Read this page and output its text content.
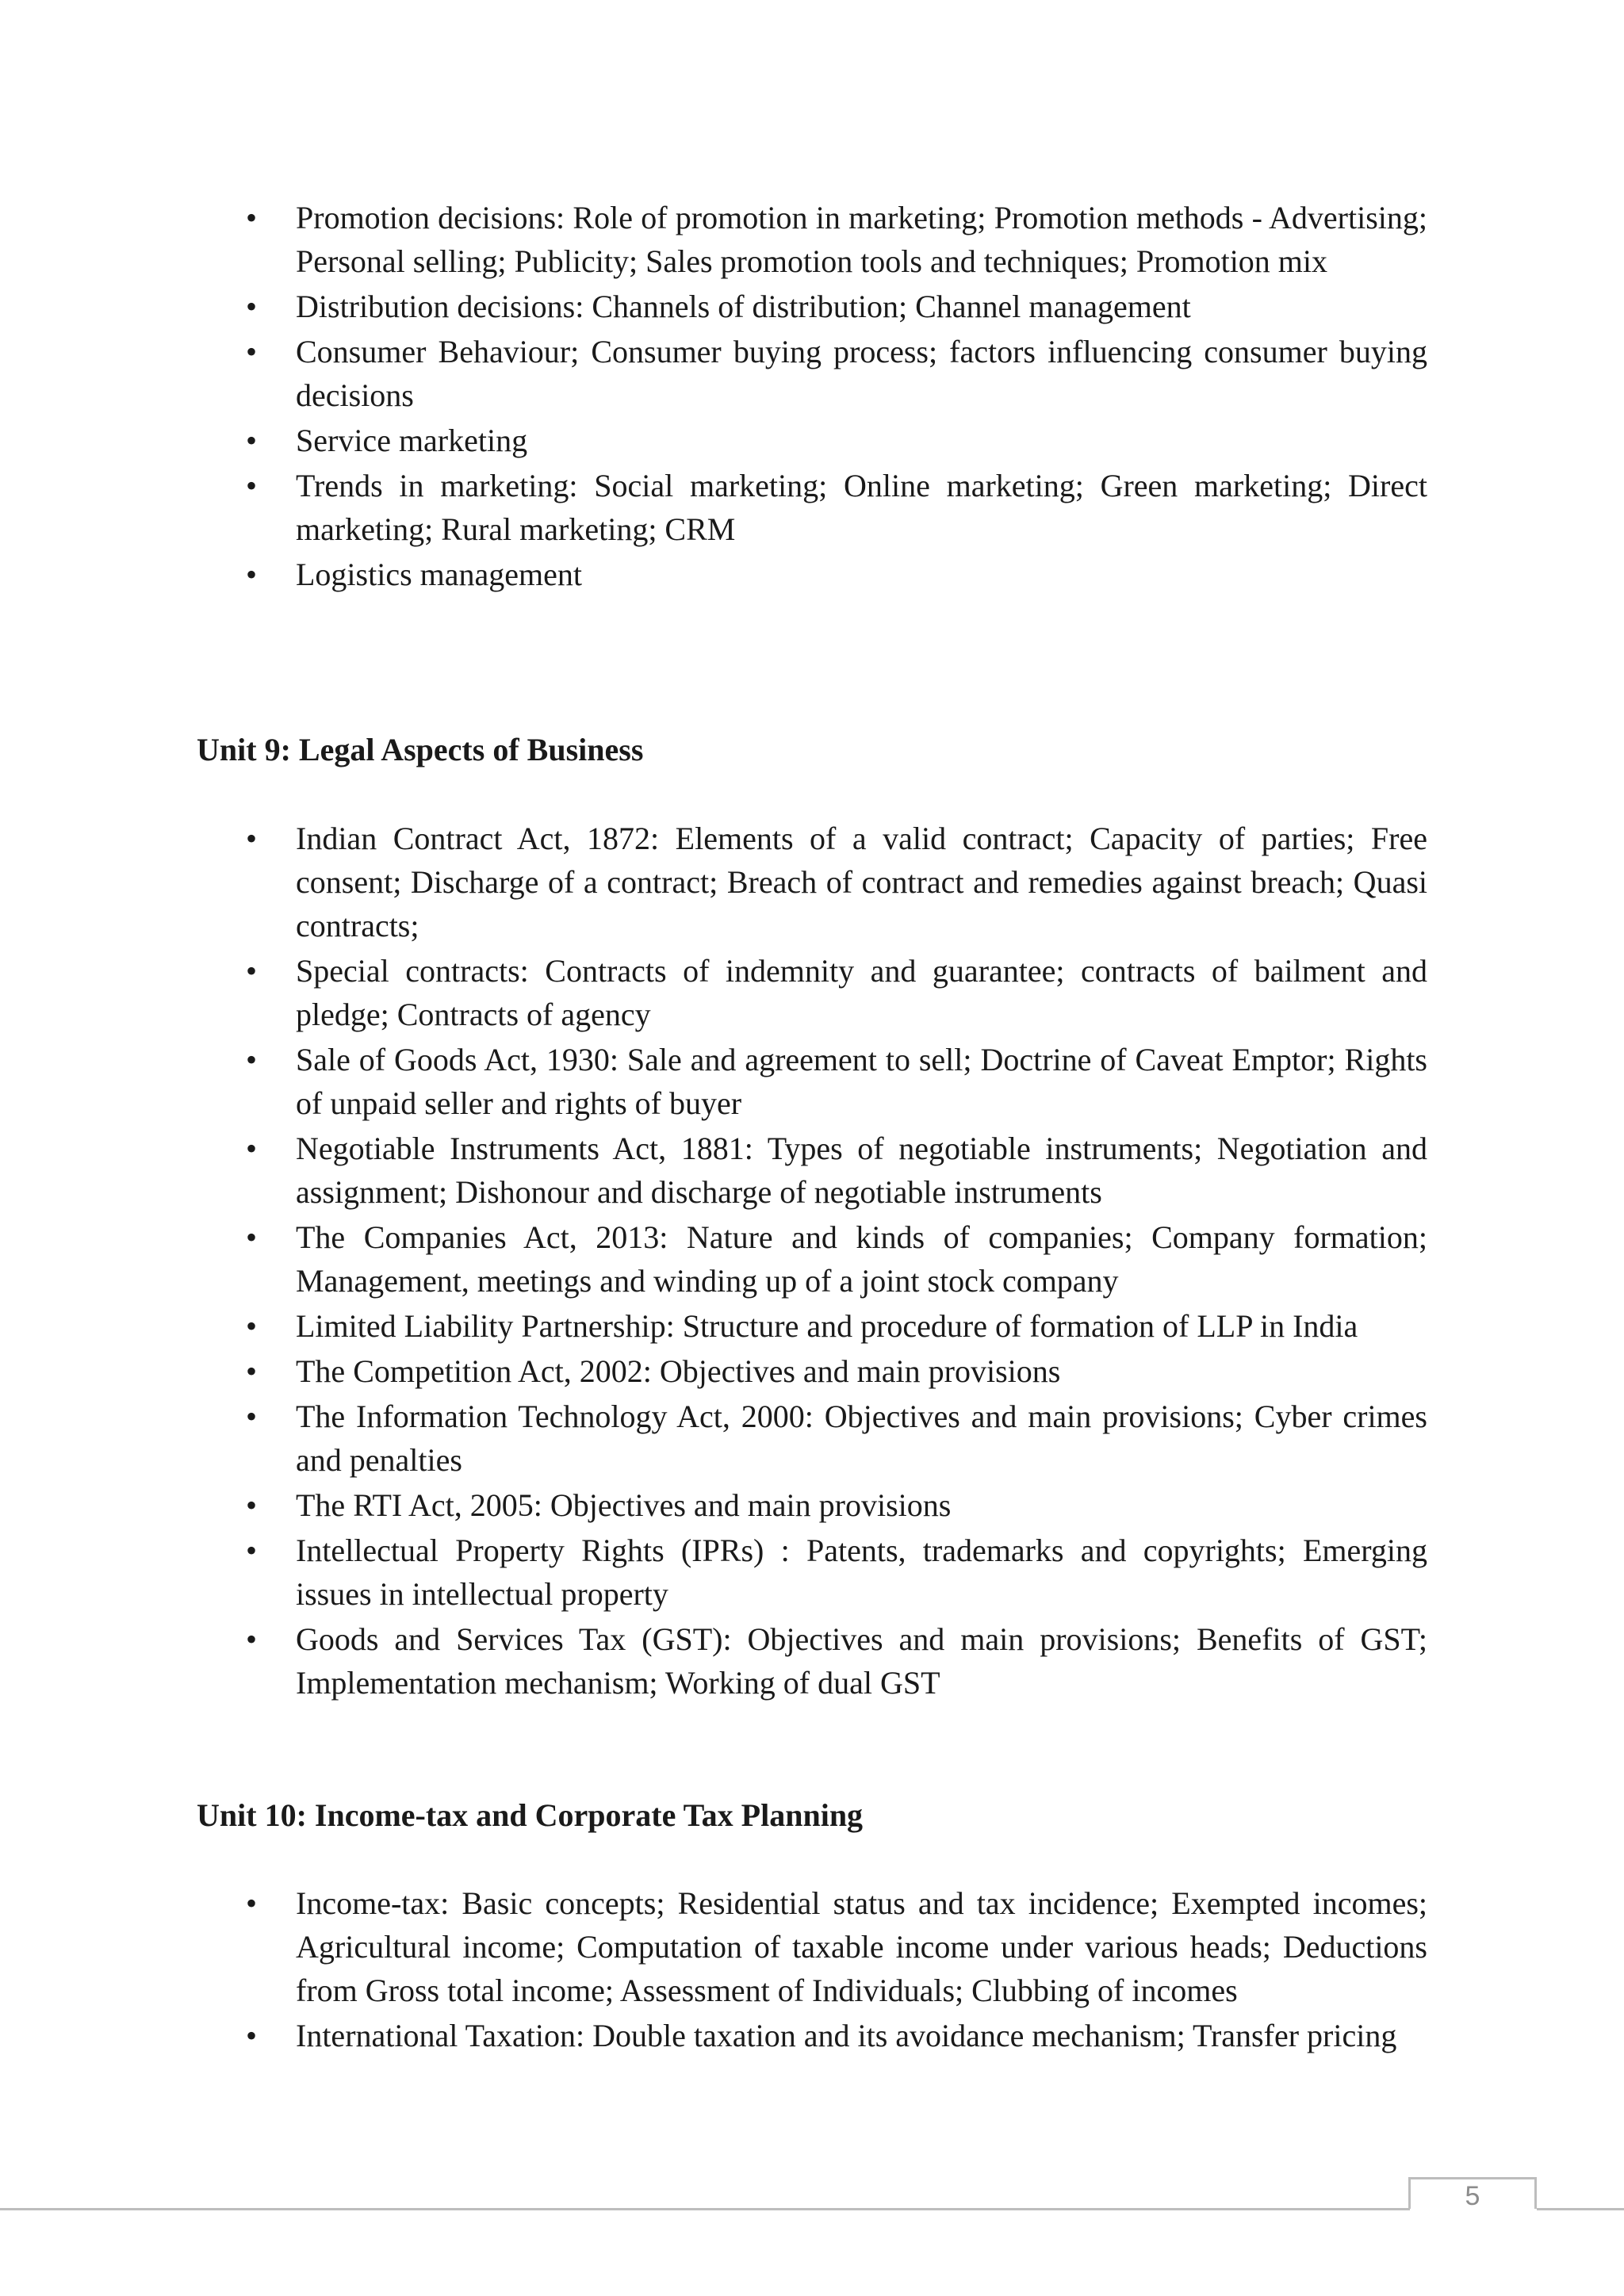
• Promotion decisions: Role of promotion in marketing; Promotion methods - Advertising; Personal selling; Publicity; Sales promotion tools and techniques; Promotion mix
• Distribution decisions: Channels of distribution; Channel management
• Consumer Behaviour; Consumer buying process; factors influencing consumer buying decisions
• Service marketing
• Trends in marketing: Social marketing; Online marketing; Green marketing; Direct marketing; Rural marketing; CRM
• Logistics management
Unit 9: Legal Aspects of Business
• Indian Contract Act, 1872: Elements of a valid contract; Capacity of parties; Free consent; Discharge of a contract; Breach of contract and remedies against breach; Quasi contracts;
• Special contracts: Contracts of indemnity and guarantee; contracts of bailment and pledge; Contracts of agency
• Sale of Goods Act, 1930: Sale and agreement to sell; Doctrine of Caveat Emptor; Rights of unpaid seller and rights of buyer
• Negotiable Instruments Act, 1881: Types of negotiable instruments; Negotiation and assignment; Dishonour and discharge of negotiable instruments
• The Companies Act, 2013: Nature and kinds of companies; Company formation; Management, meetings and winding up of a joint stock company
• Limited Liability Partnership: Structure and procedure of formation of LLP in India
• The Competition Act, 2002: Objectives and main provisions
• The Information Technology Act, 2000: Objectives and main provisions; Cyber crimes and penalties
• The RTI Act, 2005: Objectives and main provisions
• Intellectual Property Rights (IPRs) : Patents, trademarks and copyrights; Emerging issues in intellectual property
• Goods and Services Tax (GST): Objectives and main provisions; Benefits of GST; Implementation mechanism; Working of dual GST
Unit 10: Income-tax and Corporate Tax Planning
• Income-tax: Basic concepts; Residential status and tax incidence; Exempted incomes; Agricultural income; Computation of taxable income under various heads; Deductions from Gross total income; Assessment of Individuals; Clubbing of incomes
• International Taxation: Double taxation and its avoidance mechanism; Transfer pricing
5
